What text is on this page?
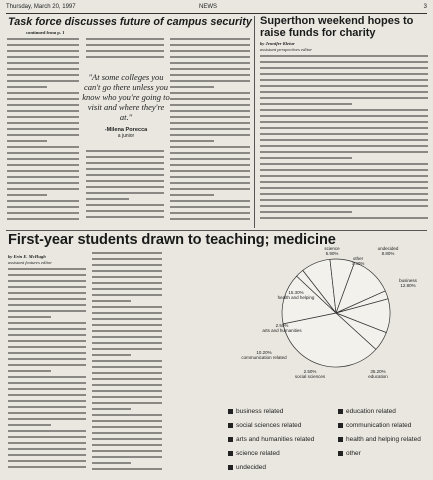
Thursday, March 20, 1997	NEWS	3
Task force discusses future of campus security
continued from p. 1
"At some colleges you can't go there unless you know who you're going to visit and where they're at."
-Milena Porecca
a junior
Superthon weekend hopes to raise funds for charity
by Jennifer Kleiur
assistant perspectives editor
First-year students drawn to teaching; medicine
by Erin E. McHugh
assistant features editor
science
5.90%
other
7.40%
undecided
8.80%
business
12.80%
15.30%
health and helping
2.50%
arts and humanities
10.20%
communication related
2.50%
social sciences
35.20%
education
business related
social sciences related
arts and humanities related
science related
undecided
education related
communication related
health and helping related
other
